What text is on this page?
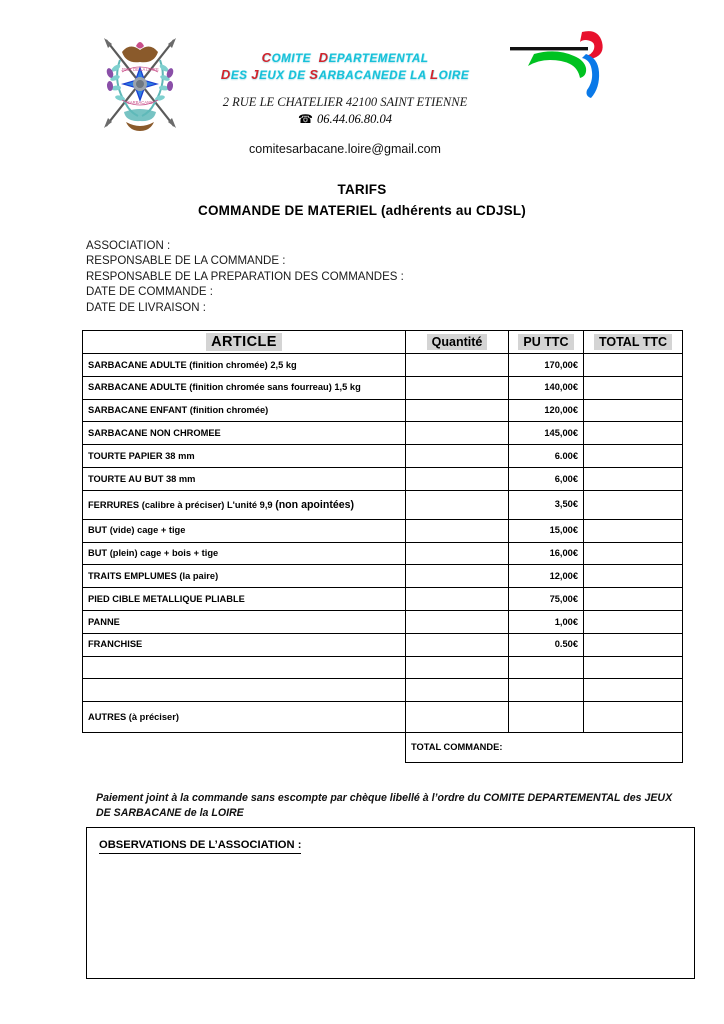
JEUX DE LA LOIRE
SARBACANE
COMITE DEPARTEMENTAL
DES JEUX DE SARBACANEDE LA LOIRE
2 RUE LE CHATELIER 42100 SAINT ETIENNE
☎ 06.44.06.80.04
comitesarbacane.loire@gmail.com
TARIFS
COMMANDE DE MATERIEL (adhérents au CDJSL)
ASSOCIATION :
RESPONSABLE DE LA COMMANDE :
RESPONSABLE DE LA PREPARATION DES COMMANDES :
DATE DE COMMANDE :
DATE DE LIVRAISON :
ARTICLE	Quantité	PU TTC	TOTAL TTC
SARBACANE ADULTE (finition chromée) 2,5 kg		170,00€	
SARBACANE ADULTE (finition chromée sans fourreau) 1,5 kg		140,00€	
SARBACANE ENFANT (finition chromée)		120,00€	
SARBACANE NON CHROMEE		145,00€	
TOURTE PAPIER 38 mm		6.00€	
TOURTE AU BUT 38 mm		6,00€	
FERRURES (calibre à préciser) L'unité 9,9 (non apointées)		3,50€	
BUT (vide) cage + tige		15,00€	
BUT (plein) cage + bois + tige		16,00€	
TRAITS EMPLUMES (la paire)		12,00€	
PIED CIBLE METALLIQUE PLIABLE		75,00€	
PANNE		1,00€	
FRANCHISE		0.50€	

AUTRES (à préciser)			
	TOTAL COMMANDE:		
Paiement joint à la commande sans escompte par chèque libellé à l’ordre du COMITE DEPARTEMENTAL des JEUX DE SARBACANE de la LOIRE
OBSERVATIONS DE L’ASSOCIATION :
